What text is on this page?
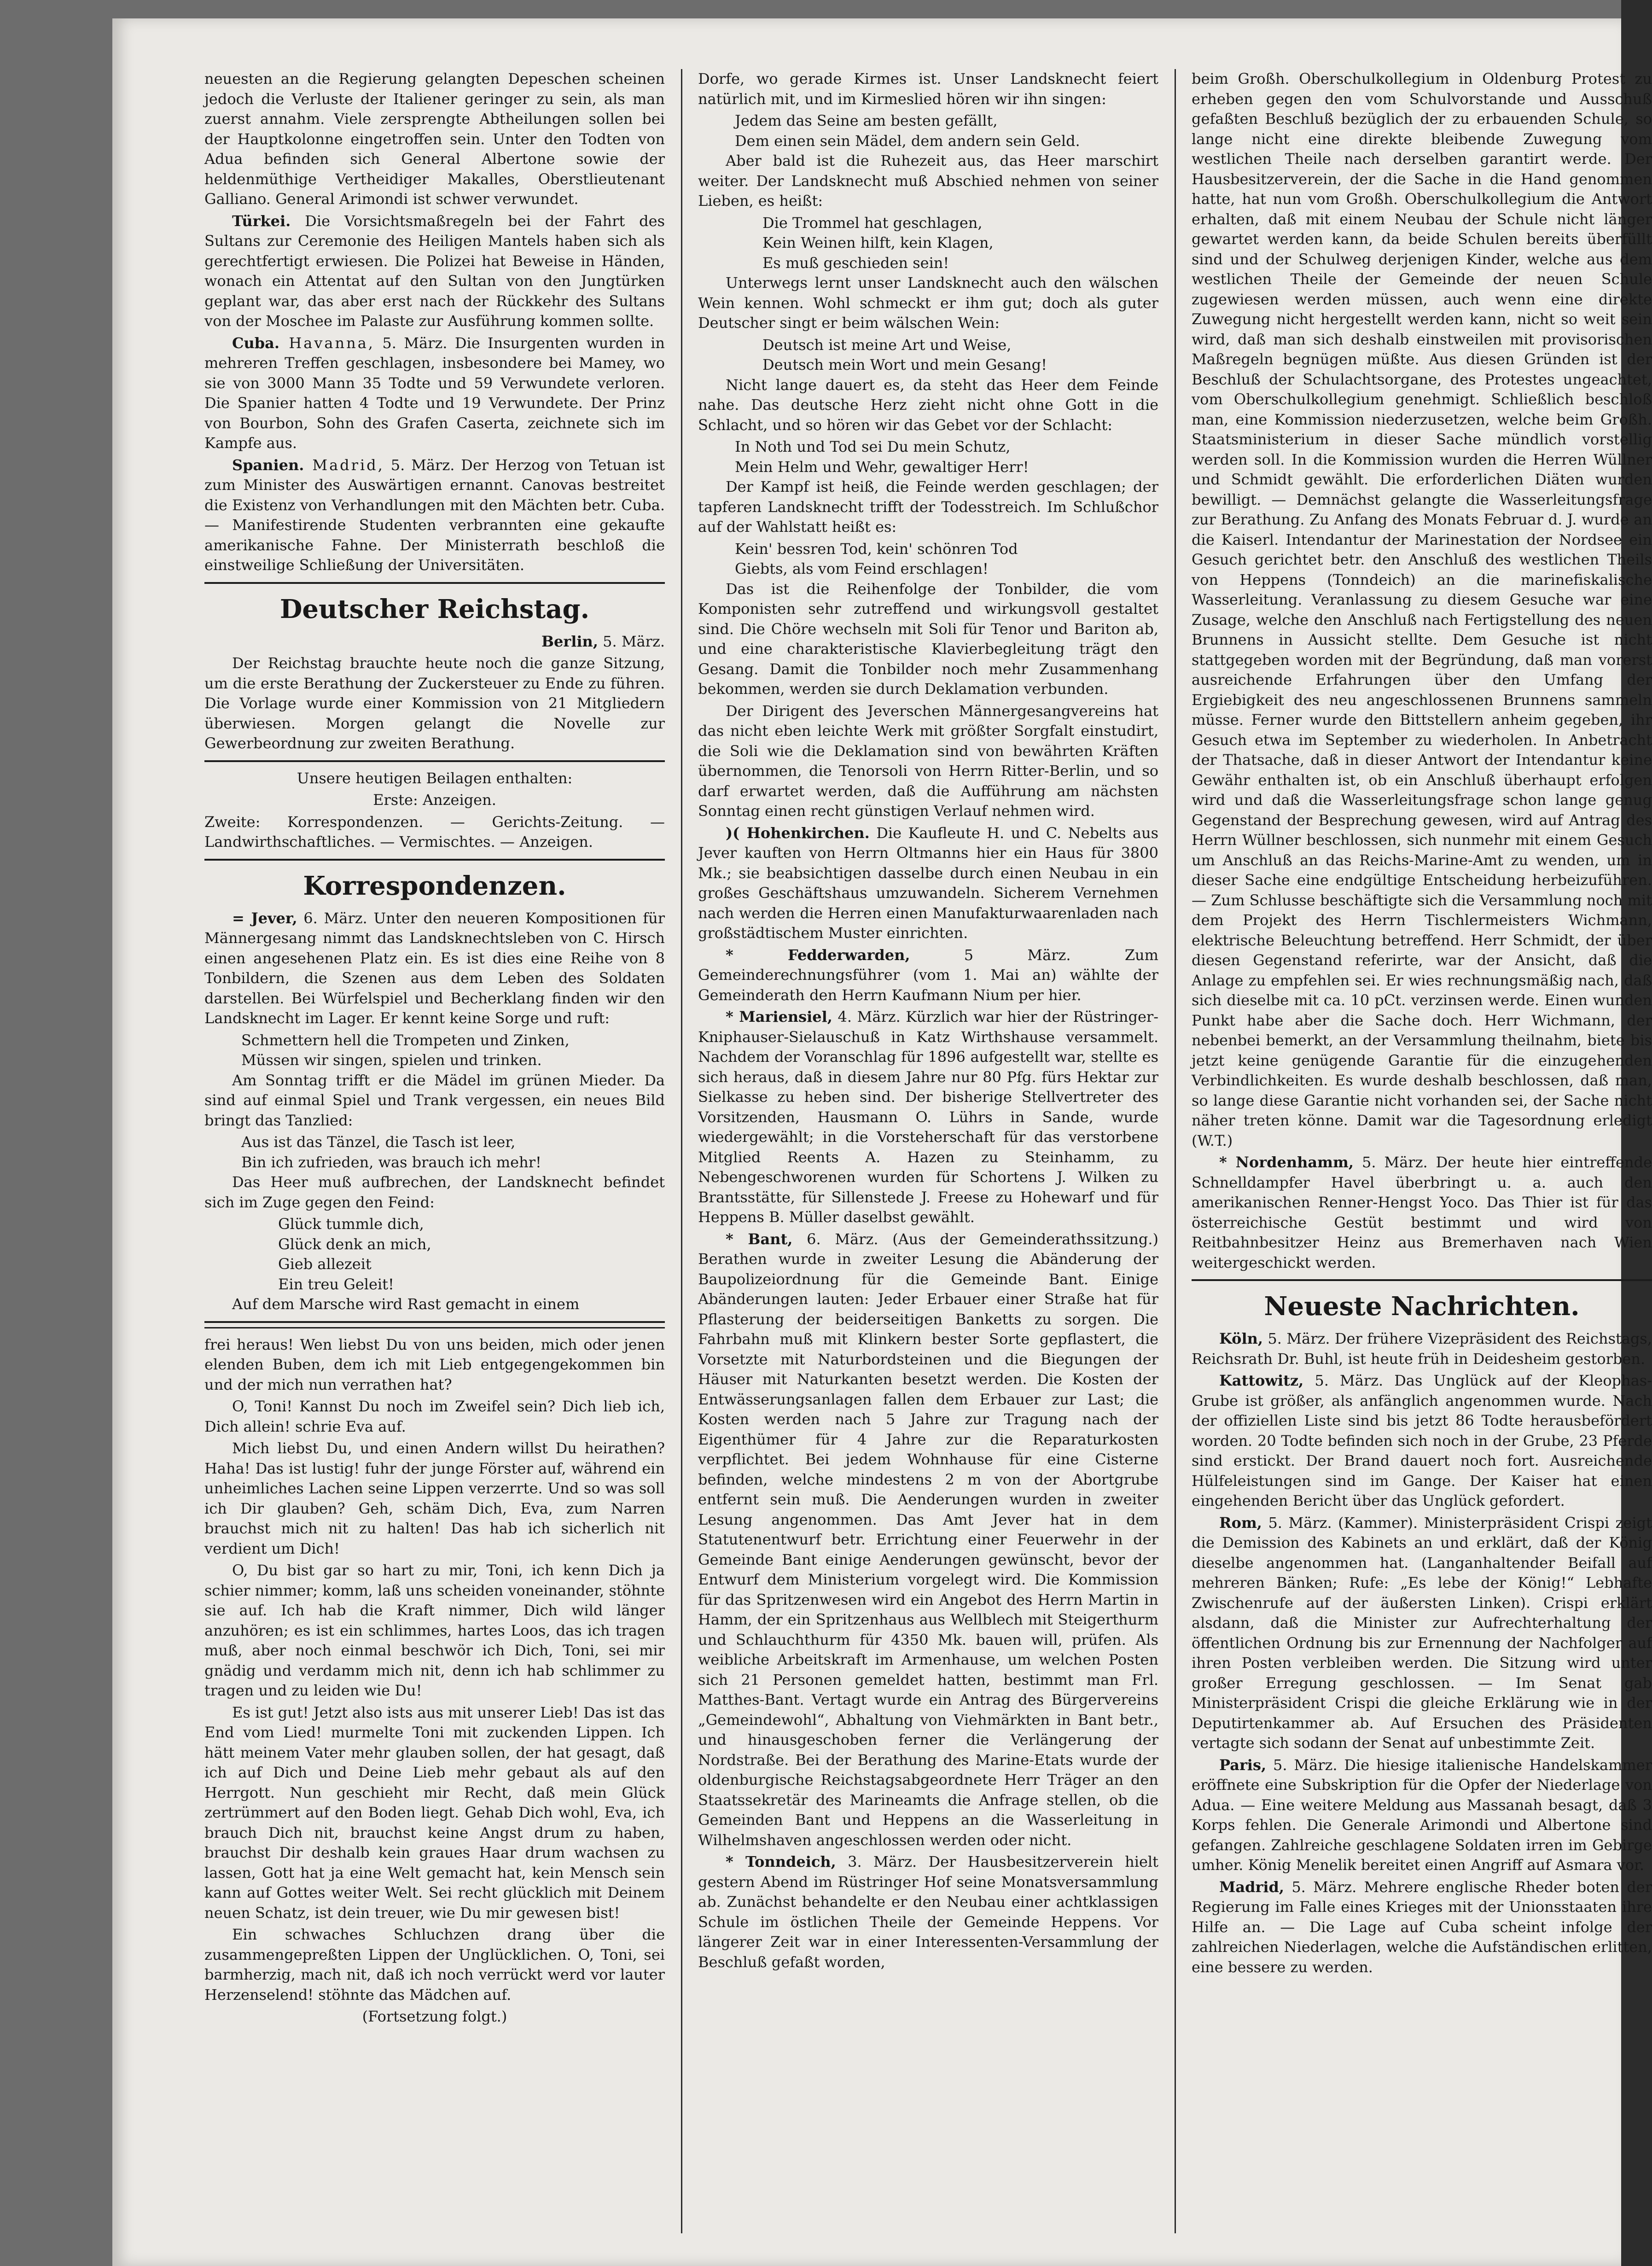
neuesten an die Regierung gelangten Depeschen scheinen jedoch die Verluste der Italiener geringer zu sein, als man zuerst annahm. Viele zersprengte Abtheilungen sollen bei der Hauptkolonne eingetroffen sein. Unter den Todten von Adua befinden sich General Albertone sowie der heldenmüthige Vertheidiger Makalles, Oberstlieutenant Galliano. General Arimondi ist schwer verwundet.

Türkei. Die Vorsichtsmaßregeln bei der Fahrt des Sultans zur Ceremonie des Heiligen Mantels haben sich als gerechtfertigt erwiesen. Die Polizei hat Beweise in Händen, wonach ein Attentat auf den Sultan von den Jungtürken geplant war, das aber erst nach der Rückkehr des Sultans von der Moschee im Palaste zur Ausführung kommen sollte.

Cuba. Havanna, 5. März. Die Insurgenten wurden in mehreren Treffen geschlagen, insbesondere bei Mamey, wo sie von 3000 Mann 35 Todte und 59 Verwundete verloren. Die Spanier hatten 4 Todte und 19 Verwundete. Der Prinz von Bourbon, Sohn des Grafen Caserta, zeichnete sich im Kampfe aus.

Spanien. Madrid, 5. März. Der Herzog von Tetuan ist zum Minister des Auswärtigen ernannt. Canovas bestreitet die Existenz von Verhandlungen mit den Mächten betr. Cuba. — Manifestirende Studenten verbrannten eine gekaufte amerikanische Fahne. Der Ministerrath beschloß die einstweilige Schließung der Universitäten.

Deutscher Reichstag.
Berlin, 5. März.

Der Reichstag brauchte heute noch die ganze Sitzung, um die erste Berathung der Zuckersteuer zu Ende zu führen. Die Vorlage wurde einer Kommission von 21 Mitgliedern überwiesen. Morgen gelangt die Novelle zur Gewerbeordnung zur zweiten Berathung.

Unsere heutigen Beilagen enthalten:

Erste: Anzeigen.

Zweite: Korrespondenzen. — Gerichts-Zeitung. — Landwirthschaftliches. — Vermischtes. — Anzeigen.

Korrespondenzen.

= Jever, 6. März. Unter den neueren Kompositionen für Männergesang nimmt das Landsknechtsleben von C. Hirsch einen angesehenen Platz ein. Es ist dies eine Reihe von 8 Tonbildern, die Szenen aus dem Leben des Soldaten darstellen. Bei Würfelspiel und Becherklang finden wir den Landsknecht im Lager. Er kennt keine Sorge und ruft:

Schmettern hell die Trompeten und Zinken,
Müssen wir singen, spielen und trinken.

Am Sonntag trifft er die Mädel im grünen Mieder. Da sind auf einmal Spiel und Trank vergessen, ein neues Bild bringt das Tanzlied:

Aus ist das Tänzel, die Tasch ist leer,
Bin ich zufrieden, was brauch ich mehr!

Das Heer muß aufbrechen, der Landsknecht befindet sich im Zuge gegen den Feind:

Glück tummle dich,
Glück denk an mich,
Gieb allezeit
Ein treu Geleit!

Auf dem Marsche wird Rast gemacht in einem

frei heraus! Wen liebst Du von uns beiden, mich oder jenen elenden Buben, dem ich mit Lieb entgegengekommen bin und der mich nun verrathen hat?

O, Toni! Kannst Du noch im Zweifel sein? Dich lieb ich, Dich allein! schrie Eva auf.

Mich liebst Du, und einen Andern willst Du heirathen? Haha! Das ist lustig! fuhr der junge Förster auf, während ein unheimliches Lachen seine Lippen verzerrte. Und so was soll ich Dir glauben? Geh, schäm Dich, Eva, zum Narren brauchst mich nit zu halten! Das hab ich sicherlich nit verdient um Dich!

O, Du bist gar so hart zu mir, Toni, ich kenn Dich ja schier nimmer; komm, laß uns scheiden voneinander, stöhnte sie auf. Ich hab die Kraft nimmer, Dich wild länger anzuhören; es ist ein schlimmes, hartes Loos, das ich tragen muß, aber noch einmal beschwör ich Dich, Toni, sei mir gnädig und verdamm mich nit, denn ich hab schlimmer zu tragen und zu leiden wie Du!

Es ist gut! Jetzt also ists aus mit unserer Lieb! Das ist das End vom Lied! murmelte Toni mit zuckenden Lippen. Ich hätt meinem Vater mehr glauben sollen, der hat gesagt, daß ich auf Dich und Deine Lieb mehr gebaut als auf den Herrgott. Nun geschieht mir Recht, daß mein Glück zertrümmert auf den Boden liegt. Gehab Dich wohl, Eva, ich brauch Dich nit, brauchst keine Angst drum zu haben, brauchst Dir deshalb kein graues Haar drum wachsen zu lassen, Gott hat ja eine Welt gemacht hat, kein Mensch sein kann auf Gottes weiter Welt. Sei recht glücklich mit Deinem neuen Schatz, ist dein treuer, wie Du mir gewesen bist!

Ein schwaches Schluchzen drang über die zusammengepreßten Lippen der Unglücklichen. O, Toni, sei barmherzig, mach nit, daß ich noch verrückt werd vor lauter Herzenselend! stöhnte das Mädchen auf.

(Fortsetzung folgt.)

Dorfe, wo gerade Kirmes ist. Unser Landsknecht feiert natürlich mit, und im Kirmeslied hören wir ihn singen:

Jedem das Seine am besten gefällt,
Dem einen sein Mädel, dem andern sein Geld.

Aber bald ist die Ruhezeit aus, das Heer marschirt weiter. Der Landsknecht muß Abschied nehmen von seiner Lieben, es heißt:

Die Trommel hat geschlagen,
Kein Weinen hilft, kein Klagen,
Es muß geschieden sein!

Unterwegs lernt unser Landsknecht auch den wälschen Wein kennen. Wohl schmeckt er ihm gut; doch als guter Deutscher singt er beim wälschen Wein:

Deutsch ist meine Art und Weise,
Deutsch mein Wort und mein Gesang!

Nicht lange dauert es, da steht das Heer dem Feinde nahe. Das deutsche Herz zieht nicht ohne Gott in die Schlacht, und so hören wir das Gebet vor der Schlacht:

In Noth und Tod sei Du mein Schutz,
Mein Helm und Wehr, gewaltiger Herr!

Der Kampf ist heiß, die Feinde werden geschlagen; der tapferen Landsknecht trifft der Todesstreich. Im Schlußchor auf der Wahlstatt heißt es:

Kein' bessren Tod, kein' schönren Tod
Giebts, als vom Feind erschlagen!

Das ist die Reihenfolge der Tonbilder, die vom Komponisten sehr zutreffend und wirkungsvoll gestaltet sind. Die Chöre wechseln mit Soli für Tenor und Bariton ab, und eine charakteristische Klavierbegleitung trägt den Gesang. Damit die Tonbilder noch mehr Zusammenhang bekommen, werden sie durch Deklamation verbunden.

Der Dirigent des Jeverschen Männergesangvereins hat das nicht eben leichte Werk mit größter Sorgfalt einstudirt, die Soli wie die Deklamation sind von bewährten Kräften übernommen, die Tenorsoli von Herrn Ritter-Berlin, und so darf erwartet werden, daß die Aufführung am nächsten Sonntag einen recht günstigen Verlauf nehmen wird.

)( Hohenkirchen. Die Kaufleute H. und C. Nebelts aus Jever kauften von Herrn Oltmanns hier ein Haus für 3800 Mk.; sie beabsichtigen dasselbe durch einen Neubau in ein großes Geschäftshaus umzuwandeln. Sicherem Vernehmen nach werden die Herren einen Manufakturwaarenladen nach großstädtischem Muster einrichten.

* Fedderwarden, 5 März. Zum Gemeinderechnungsführer (vom 1. Mai an) wählte der Gemeinderath den Herrn Kaufmann Nium per hier.

* Mariensiel, 4. März. Kürzlich war hier der Rüstringer-Kniphauser-Sielauschuß in Katz Wirthshause versammelt. Nachdem der Voranschlag für 1896 aufgestellt war, stellte es sich heraus, daß in diesem Jahre nur 80 Pfg. fürs Hektar zur Sielkasse zu heben sind. Der bisherige Stellvertreter des Vorsitzenden, Hausmann O. Lührs in Sande, wurde wiedergewählt; in die Vorsteherschaft für das verstorbene Mitglied Reents A. Hazen zu Steinhamm, zu Nebengeschworenen wurden für Schortens J. Wilken zu Brantsstätte, für Sillenstede J. Freese zu Hohewarf und für Heppens B. Müller daselbst gewählt.

* Bant, 6. März. (Aus der Gemeinderathssitzung.) Berathen wurde in zweiter Lesung die Abänderung der Baupolizeiordnung für die Gemeinde Bant. Einige Abänderungen lauten: Jeder Erbauer einer Straße hat für Pflasterung der beiderseitigen Banketts zu sorgen. Die Fahrbahn muß mit Klinkern bester Sorte gepflastert, die Vorsetzte mit Naturbordsteinen und die Biegungen der Häuser mit Naturkanten besetzt werden. Die Kosten der Entwässerungsanlagen fallen dem Erbauer zur Last; die Kosten werden nach 5 Jahre zur Tragung nach der Eigenthümer für 4 Jahre zur die Reparaturkosten verpflichtet. Bei jedem Wohnhause für eine Cisterne befinden, welche mindestens 2 m von der Abortgrube entfernt sein muß. Die Aenderungen wurden in zweiter Lesung angenommen. Das Amt Jever hat in dem Statutenentwurf betr. Errichtung einer Feuerwehr in der Gemeinde Bant einige Aenderungen gewünscht, bevor der Entwurf dem Ministerium vorgelegt wird. Die Kommission für das Spritzenwesen wird ein Angebot des Herrn Martin in Hamm, der ein Spritzenhaus aus Wellblech mit Steigerthurm und Schlauchthurm für 4350 Mk. bauen will, prüfen. Als weibliche Arbeitskraft im Armenhause, um welchen Posten sich 21 Personen gemeldet hatten, bestimmt man Frl. Matthes-Bant. Vertagt wurde ein Antrag des Bürgervereins „Gemeindewohl“, Abhaltung von Viehmärkten in Bant betr., und hinausgeschoben ferner die Verlängerung der Nordstraße. Bei der Berathung des Marine-Etats wurde der oldenburgische Reichstagsabgeordnete Herr Träger an den Staatssekretär des Marineamts die Anfrage stellen, ob die Gemeinden Bant und Heppens an die Wasserleitung in Wilhelmshaven angeschlossen werden oder nicht.

* Tonndeich, 3. März. Der Hausbesitzerverein hielt gestern Abend im Rüstringer Hof seine Monatsversammlung ab. Zunächst behandelte er den Neubau einer achtklassigen Schule im östlichen Theile der Gemeinde Heppens. Vor längerer Zeit war in einer Interessenten-Versammlung der Beschluß gefaßt worden,

beim Großh. Oberschulkollegium in Oldenburg Protest zu erheben gegen den vom Schulvorstande und Ausschuß gefaßten Beschluß bezüglich der zu erbauenden Schule, so lange nicht eine direkte bleibende Zuwegung vom westlichen Theile nach derselben garantirt werde. Der Hausbesitzerverein, der die Sache in die Hand genommen hatte, hat nun vom Großh. Oberschulkollegium die Antwort erhalten, daß mit einem Neubau der Schule nicht länger gewartet werden kann, da beide Schulen bereits überfüllt sind und der Schulweg derjenigen Kinder, welche aus dem westlichen Theile der Gemeinde der neuen Schule zugewiesen werden müssen, auch wenn eine direkte Zuwegung nicht hergestellt werden kann, nicht so weit sein wird, daß man sich deshalb einstweilen mit provisorischen Maßregeln begnügen müßte. Aus diesen Gründen ist der Beschluß der Schulachtsorgane, des Protestes ungeachtet, vom Oberschulkollegium genehmigt. Schließlich beschloß man, eine Kommission niederzusetzen, welche beim Großh. Staatsministerium in dieser Sache mündlich vorstellig werden soll. In die Kommission wurden die Herren Wüllner und Schmidt gewählt. Die erforderlichen Diäten wurden bewilligt. — Demnächst gelangte die Wasserleitungsfrage zur Berathung. Zu Anfang des Monats Februar d. J. wurde an die Kaiserl. Intendantur der Marinestation der Nordsee ein Gesuch gerichtet betr. den Anschluß des westlichen Theils von Heppens (Tonndeich) an die marinefiskalische Wasserleitung. Veranlassung zu diesem Gesuche war eine Zusage, welche den Anschluß nach Fertigstellung des neuen Brunnens in Aussicht stellte. Dem Gesuche ist nicht stattgegeben worden mit der Begründung, daß man vorerst ausreichende Erfahrungen über den Umfang der Ergiebigkeit des neu angeschlossenen Brunnens sammeln müsse. Ferner wurde den Bittstellern anheim gegeben, ihr Gesuch etwa im September zu wiederholen. In Anbetracht der Thatsache, daß in dieser Antwort der Intendantur keine Gewähr enthalten ist, ob ein Anschluß überhaupt erfolgen wird und daß die Wasserleitungsfrage schon lange genug Gegenstand der Besprechung gewesen, wird auf Antrag des Herrn Wüllner beschlossen, sich nunmehr mit einem Gesuch um Anschluß an das Reichs-Marine-Amt zu wenden, um in dieser Sache eine endgültige Entscheidung herbeizuführen. — Zum Schlusse beschäftigte sich die Versammlung noch mit dem Projekt des Herrn Tischlermeisters Wichmann, elektrische Beleuchtung betreffend. Herr Schmidt, der über diesen Gegenstand referirte, war der Ansicht, daß die Anlage zu empfehlen sei. Er wies rechnungsmäßig nach, daß sich dieselbe mit ca. 10 pCt. verzinsen werde. Einen wunden Punkt habe aber die Sache doch. Herr Wichmann, der nebenbei bemerkt, an der Versammlung theilnahm, biete bis jetzt keine genügende Garantie für die einzugehenden Verbindlichkeiten. Es wurde deshalb beschlossen, daß man, so lange diese Garantie nicht vorhanden sei, der Sache nicht näher treten könne. Damit war die Tagesordnung erledigt (W.T.)

* Nordenhamm, 5. März. Der heute hier eintreffende Schnelldampfer Havel überbringt u. a. auch den amerikanischen Renner-Hengst Yoco. Das Thier ist für das österreichische Gestüt bestimmt und wird von Reitbahnbesitzer Heinz aus Bremerhaven nach Wien weitergeschickt werden.

Neueste Nachrichten.

Köln, 5. März. Der frühere Vizepräsident des Reichstags, Reichsrath Dr. Buhl, ist heute früh in Deidesheim gestorben.

Kattowitz, 5. März. Das Unglück auf der Kleophas-Grube ist größer, als anfänglich angenommen wurde. Nach der offiziellen Liste sind bis jetzt 86 Todte herausbefördert worden. 20 Todte befinden sich noch in der Grube, 23 Pferde sind erstickt. Der Brand dauert noch fort. Ausreichende Hülfeleistungen sind im Gange. Der Kaiser hat einen eingehenden Bericht über das Unglück gefordert.

Rom, 5. März. (Kammer). Ministerpräsident Crispi zeigt die Demission des Kabinets an und erklärt, daß der König dieselbe angenommen hat. (Langanhaltender Beifall auf mehreren Bänken; Rufe: „Es lebe der König!“ Lebhafte Zwischenrufe auf der äußersten Linken). Crispi erklärt alsdann, daß die Minister zur Aufrechterhaltung der öffentlichen Ordnung bis zur Ernennung der Nachfolger auf ihren Posten verbleiben werden. Die Sitzung wird unter großer Erregung geschlossen. — Im Senat gab Ministerpräsident Crispi die gleiche Erklärung wie in der Deputirtenkammer ab. Auf Ersuchen des Präsidenten vertagte sich sodann der Senat auf unbestimmte Zeit.

Paris, 5. März. Die hiesige italienische Handelskammer eröffnete eine Subskription für die Opfer der Niederlage von Adua. — Eine weitere Meldung aus Massanah besagt, daß 3 Korps fehlen. Die Generale Arimondi und Albertone sind gefangen. Zahlreiche geschlagene Soldaten irren im Gebirge umher. König Menelik bereitet einen Angriff auf Asmara vor.

Madrid, 5. März. Mehrere englische Rheder boten der Regierung im Falle eines Krieges mit der Unionsstaaten ihre Hilfe an. — Die Lage auf Cuba scheint infolge der zahlreichen Niederlagen, welche die Aufständischen erlitten, eine bessere zu werden.
